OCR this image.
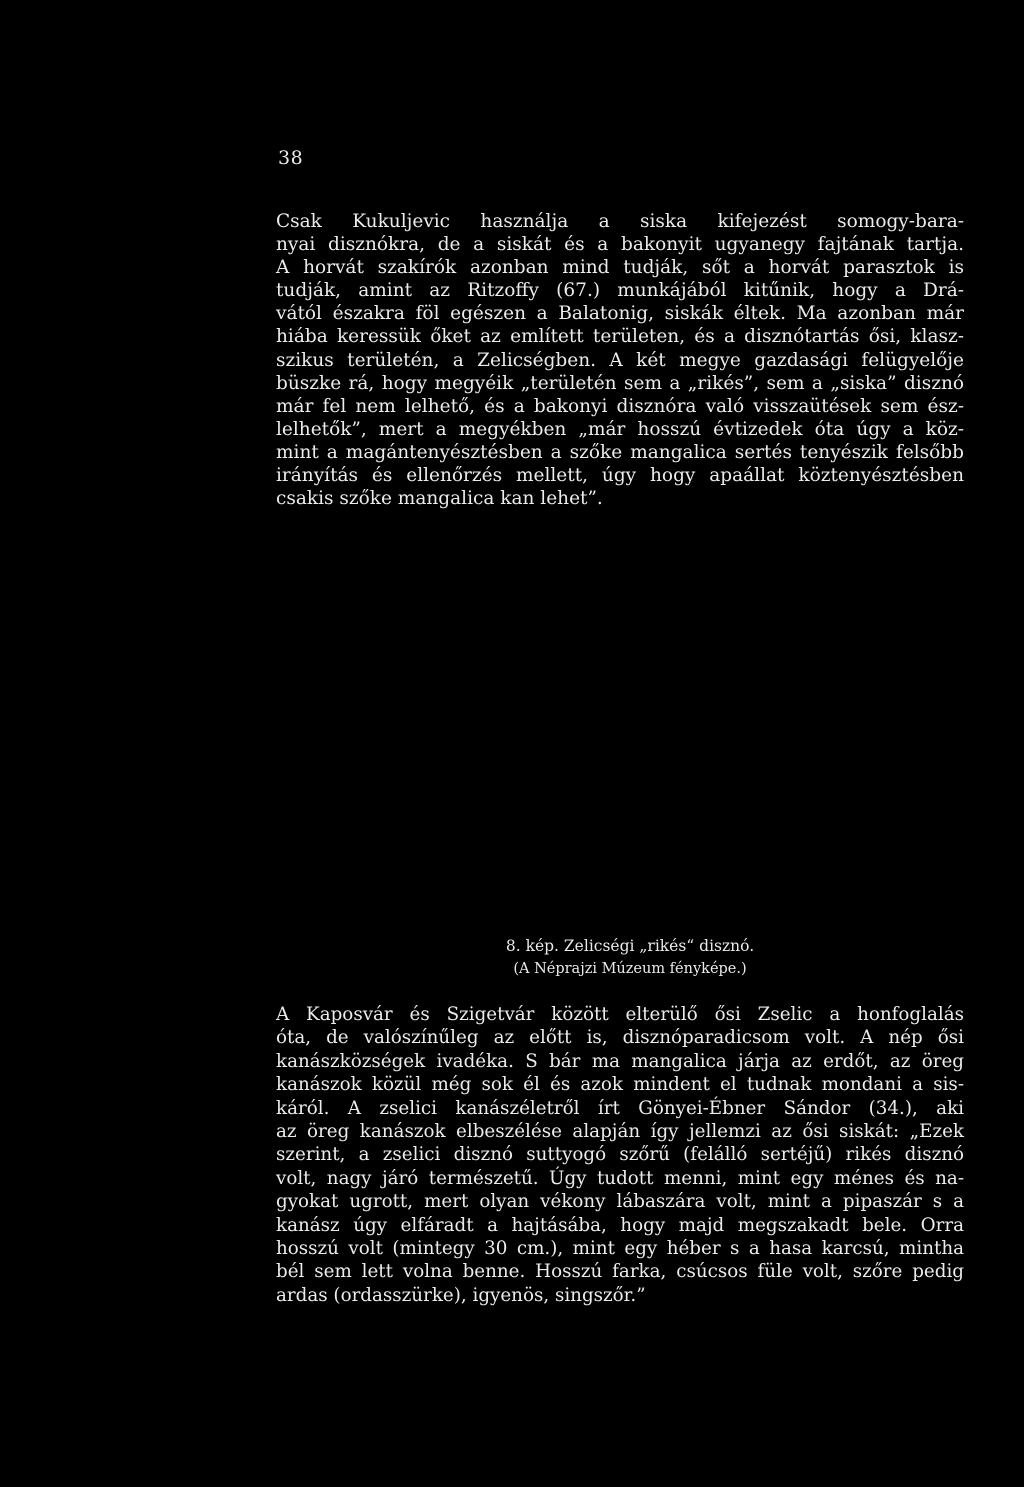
38
Csak Kukuljevic használja a siska kifejezést somogy-bara-
nyai disznókra, de a siskát és a bakonyit ugyanegy fajtának tartja.
A horvát szakírók azonban mind tudják, sőt a horvát parasztok is
tudják, amint az Ritzoffy (67.) munkájából kitűnik, hogy a Drá-
vától északra föl egészen a Balatonig, siskák éltek. Ma azonban már
hiába keressük őket az említett területen, és a disznótartás ősi, klasz-
szikus területén, a Zelicségben. A két megye gazdasági felügyelője
büszke rá, hogy megyéik „területén sem a „rikés”, sem a „siska” disznó
már fel nem lelhető, és a bakonyi disznóra való visszaütések sem ész-
lelhetők”, mert a megyékben „már hosszú évtizedek óta úgy a köz-
mint a magántenyésztésben a szőke mangalica sertés tenyészik felsőbb
irányítás és ellenőrzés mellett, úgy hogy apaállat köztenyésztésben
csakis szőke mangalica kan lehet”.
8. kép. Zelicségi „rikés“ disznó.
(A Néprajzi Múzeum fényképe.)
A Kaposvár és Szigetvár között elterülő ősi Zselic a honfoglalás
óta, de valószínűleg az előtt is, disznóparadicsom volt. A nép ősi
kanászközségek ivadéka. S bár ma mangalica járja az erdőt, az öreg
kanászok közül még sok él és azok mindent el tudnak mondani a sis-
káról. A zselici kanászéletről írt Gönyei-Ébner Sándor (34.), aki
az öreg kanászok elbeszélése alapján így jellemzi az ősi siskát: „Ezek
szerint, a zselici disznó suttyogó szőrű (felálló sertéjű) rikés disznó
volt, nagy járó természetű. Úgy tudott menni, mint egy ménes és na-
gyokat ugrott, mert olyan vékony lábaszára volt, mint a pipaszár s a
kanász úgy elfáradt a hajtásába, hogy majd megszakadt bele. Orra
hosszú volt (mintegy 30 cm.), mint egy héber s a hasa karcsú, mintha
bél sem lett volna benne. Hosszú farka, csúcsos füle volt, szőre pedig
ardas (ordasszürke), igyenös, singszőr.”
